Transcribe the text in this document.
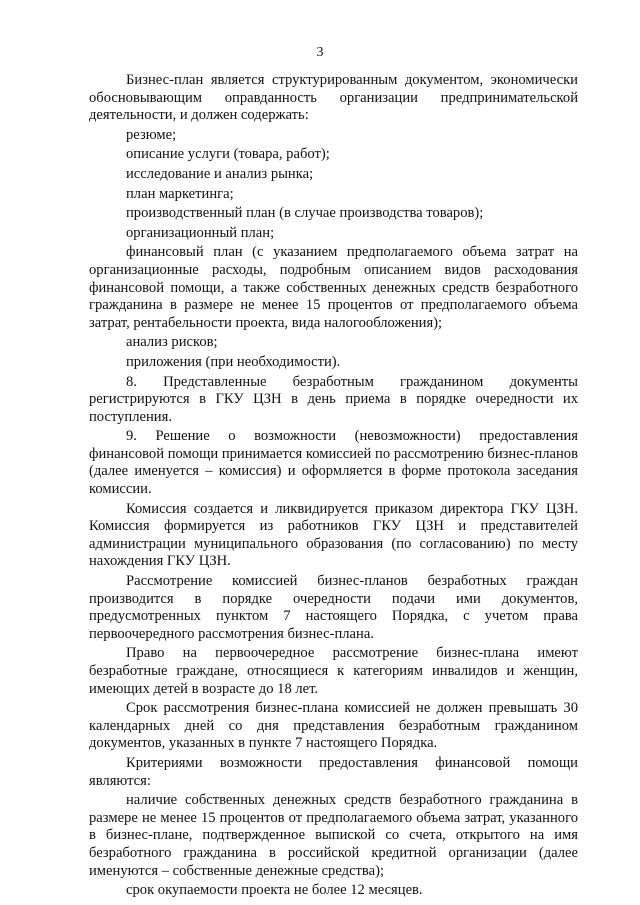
3

Бизнес-план является структурированным документом, экономически обосновывающим оправданность организации предпринимательской деятельности, и должен содержать:

резюме;

описание услуги (товара, работ);

исследование и анализ рынка;

план маркетинга;

производственный план (в случае производства товаров);

организационный план;

финансовый план (с указанием предполагаемого объема затрат на организационные расходы, подробным описанием видов расходования финансовой помощи, а также собственных денежных средств безработного гражданина в размере не менее 15 процентов от предполагаемого объема затрат, рентабельности проекта, вида налогообложения);

анализ рисков;

приложения (при необходимости).

8. Представленные безработным гражданином документы регистрируются в ГКУ ЦЗН в день приема в порядке очередности их поступления.

9. Решение о возможности (невозможности) предоставления финансовой помощи принимается комиссией по рассмотрению бизнес-планов (далее именуется – комиссия) и оформляется в форме протокола заседания комиссии.

Комиссия создается и ликвидируется приказом директора ГКУ ЦЗН. Комиссия формируется из работников ГКУ ЦЗН и представителей администрации муниципального образования (по согласованию) по месту нахождения ГКУ ЦЗН.

Рассмотрение комиссией бизнес-планов безработных граждан производится в порядке очередности подачи ими документов, предусмотренных пунктом 7 настоящего Порядка, с учетом права первоочередного рассмотрения бизнес-плана.

Право на первоочередное рассмотрение бизнес-плана имеют безработные граждане, относящиеся к категориям инвалидов и женщин, имеющих детей в возрасте до 18 лет.

Срок рассмотрения бизнес-плана комиссией не должен превышать 30 календарных дней со дня представления безработным гражданином документов, указанных в пункте 7 настоящего Порядка.

Критериями возможности предоставления финансовой помощи являются:

наличие собственных денежных средств безработного гражданина в размере не менее 15 процентов от предполагаемого объема затрат, указанного в бизнес-плане, подтвержденное выпиской со счета, открытого на имя безработного гражданина в российской кредитной организации (далее именуются – собственные денежные средства);

срок окупаемости проекта не более 12 месяцев.
